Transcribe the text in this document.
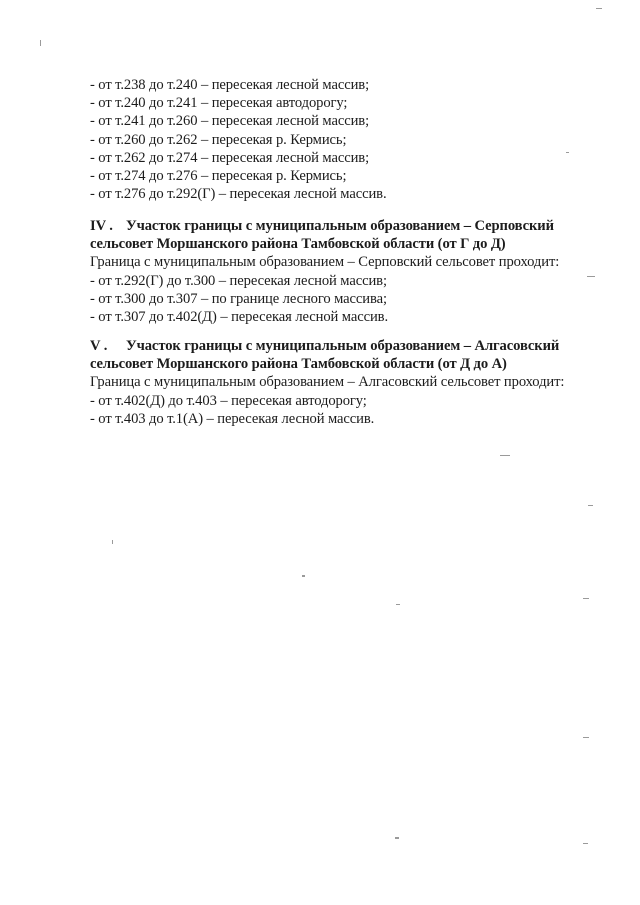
- от т.238 до т.240 – пересекая лесной массив;
- от т.240 до т.241 – пересекая автодорогу;
- от т.241 до т.260 – пересекая лесной массив;
- от т.260 до т.262 – пересекая р. Кермись;
- от т.262 до т.274 – пересекая лесной массив;
- от т.274 до т.276 – пересекая р. Кермись;
- от т.276 до т.292(Г) – пересекая лесной массив.
IV . Участок границы с муниципальным образованием – Серповский
сельсовет Моршанского района Тамбовской области (от Г до Д)
Граница с муниципальным образованием – Серповский сельсовет проходит:
- от т.292(Г) до т.300 – пересекая лесной массив;
- от т.300 до т.307 – по границе лесного массива;
- от т.307 до т.402(Д) – пересекая лесной массив.
V . Участок границы с муниципальным образованием – Алгасовский
сельсовет Моршанского района Тамбовской области (от Д до А)
Граница с муниципальным образованием – Алгасовский сельсовет проходит:
- от т.402(Д) до т.403 – пересекая автодорогу;
- от т.403 до т.1(А) – пересекая лесной массив.
